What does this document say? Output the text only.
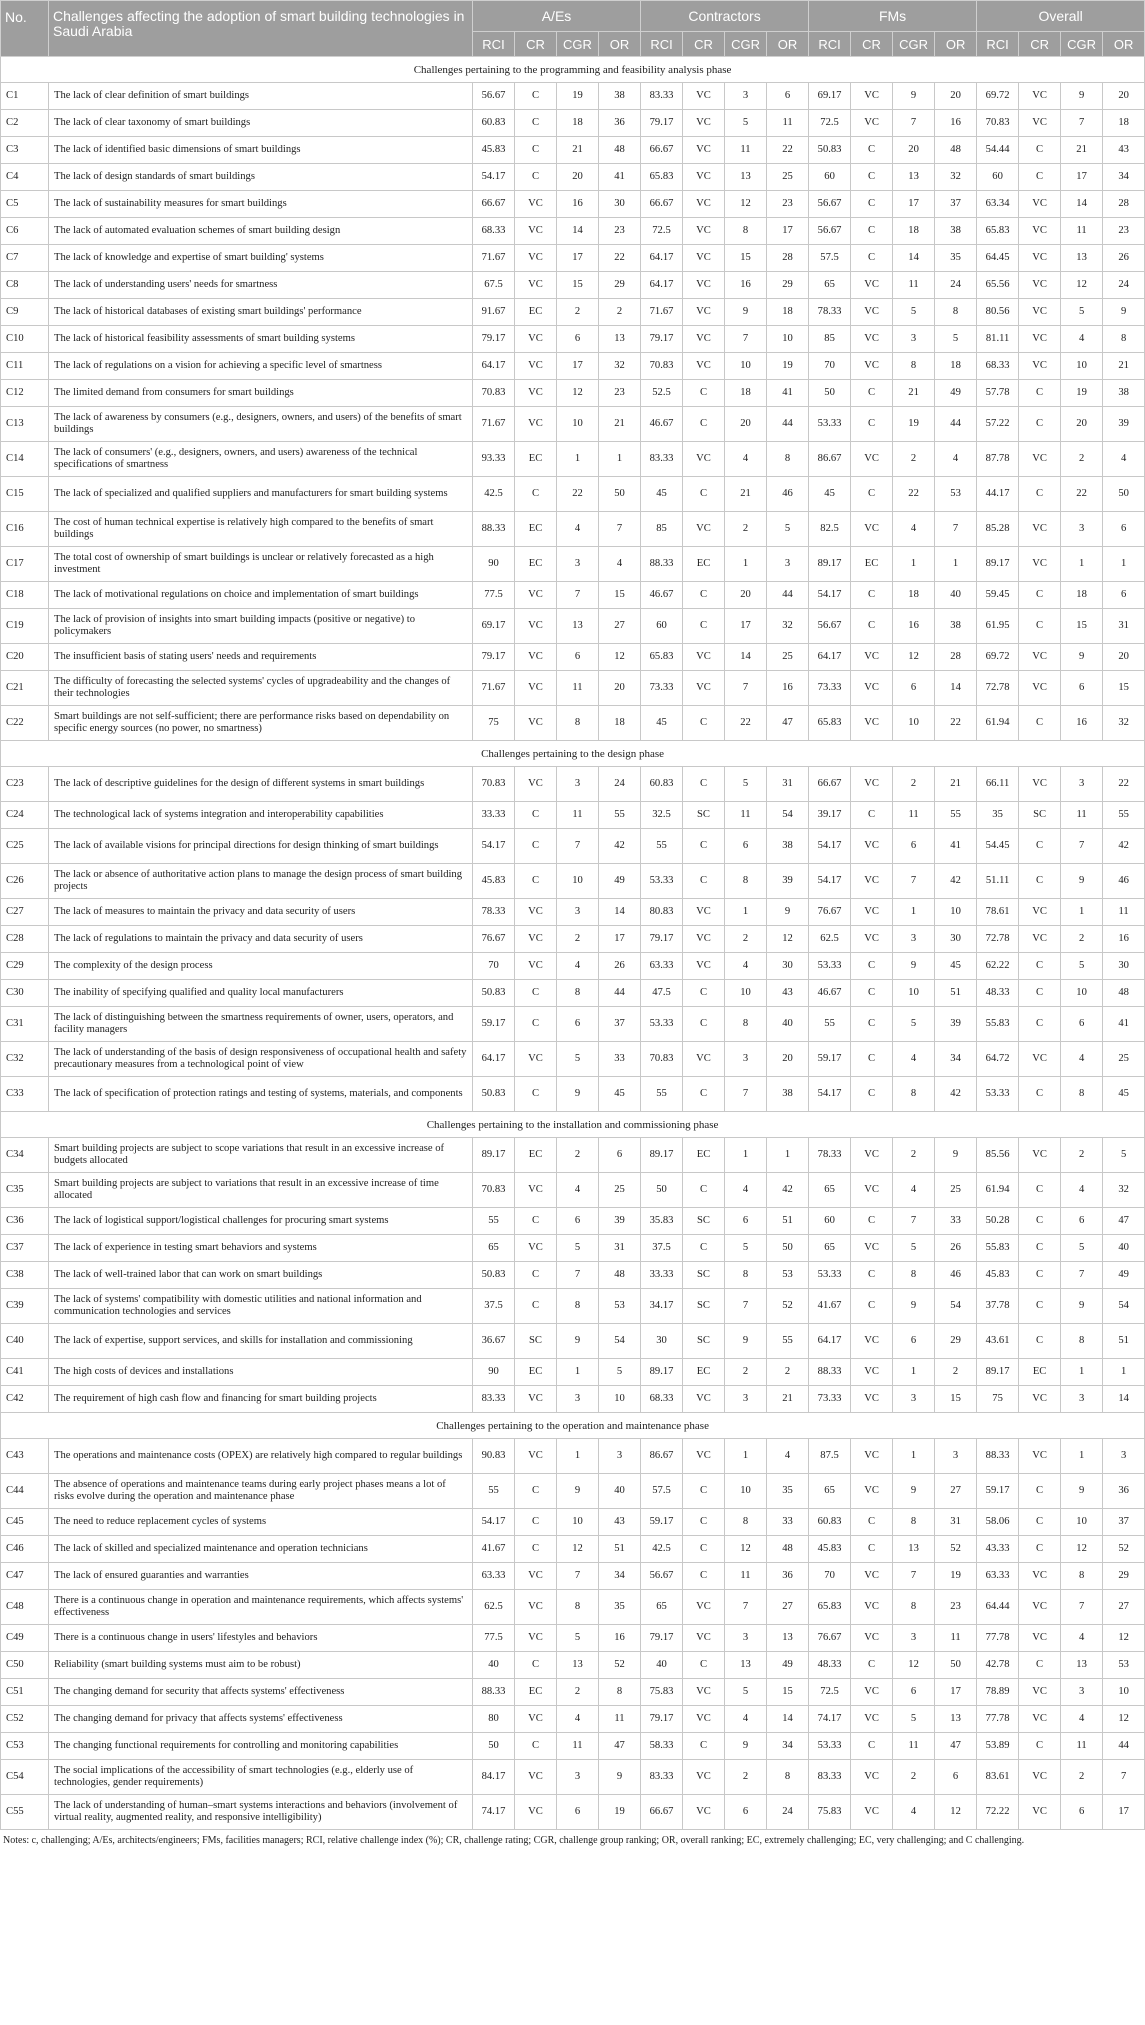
No.	Challenges affecting the adoption of smart building technologies in Saudi Arabia	A/Es				Contractors				FMs				Overall			
		RCI	CR	CGR	OR	RCI	CR	CGR	OR	RCI	CR	CGR	OR	RCI	CR	CGR	OR
Challenges pertaining to the programming and feasibility analysis phase																	
C1	The lack of clear definition of smart buildings	56.67	C	19	38	83.33	VC	3	6	69.17	VC	9	20	69.72	VC	9	20
C2	The lack of clear taxonomy of smart buildings	60.83	C	18	36	79.17	VC	5	11	72.5	VC	7	16	70.83	VC	7	18
C3	The lack of identified basic dimensions of smart buildings	45.83	C	21	48	66.67	VC	11	22	50.83	C	20	48	54.44	C	21	43
C4	The lack of design standards of smart buildings	54.17	C	20	41	65.83	VC	13	25	60	C	13	32	60	C	17	34
C5	The lack of sustainability measures for smart buildings	66.67	VC	16	30	66.67	VC	12	23	56.67	C	17	37	63.34	VC	14	28
C6	The lack of automated evaluation schemes of smart building design	68.33	VC	14	23	72.5	VC	8	17	56.67	C	18	38	65.83	VC	11	23
C7	The lack of knowledge and expertise of smart building' systems	71.67	VC	17	22	64.17	VC	15	28	57.5	C	14	35	64.45	VC	13	26
C8	The lack of understanding users' needs for smartness	67.5	VC	15	29	64.17	VC	16	29	65	VC	11	24	65.56	VC	12	24
C9	The lack of historical databases of existing smart buildings' performance	91.67	EC	2	2	71.67	VC	9	18	78.33	VC	5	8	80.56	VC	5	9
C10	The lack of historical feasibility assessments of smart building systems	79.17	VC	6	13	79.17	VC	7	10	85	VC	3	5	81.11	VC	4	8
C11	The lack of regulations on a vision for achieving a specific level of smartness	64.17	VC	17	32	70.83	VC	10	19	70	VC	8	18	68.33	VC	10	21
C12	The limited demand from consumers for smart buildings	70.83	VC	12	23	52.5	C	18	41	50	C	21	49	57.78	C	19	38
C13	The lack of awareness by consumers (e.g., designers, owners, and users) of the benefits of smart buildings	71.67	VC	10	21	46.67	C	20	44	53.33	C	19	44	57.22	C	20	39
C14	The lack of consumers' (e.g., designers, owners, and users) awareness of the technical specifications of smartness	93.33	EC	1	1	83.33	VC	4	8	86.67	VC	2	4	87.78	VC	2	4
C15	The lack of specialized and qualified suppliers and manufacturers for smart building systems	42.5	C	22	50	45	C	21	46	45	C	22	53	44.17	C	22	50
C16	The cost of human technical expertise is relatively high compared to the benefits of smart buildings	88.33	EC	4	7	85	VC	2	5	82.5	VC	4	7	85.28	VC	3	6
C17	The total cost of ownership of smart buildings is unclear or relatively forecasted as a high investment	90	EC	3	4	88.33	EC	1	3	89.17	EC	1	1	89.17	VC	1	1
C18	The lack of motivational regulations on choice and implementation of smart buildings	77.5	VC	7	15	46.67	C	20	44	54.17	C	18	40	59.45	C	18	6
C19	The lack of provision of insights into smart building impacts (positive or negative) to policymakers	69.17	VC	13	27	60	C	17	32	56.67	C	16	38	61.95	C	15	31
C20	The insufficient basis of stating users' needs and requirements	79.17	VC	6	12	65.83	VC	14	25	64.17	VC	12	28	69.72	VC	9	20
C21	The difficulty of forecasting the selected systems' cycles of upgradeability and the changes of their technologies	71.67	VC	11	20	73.33	VC	7	16	73.33	VC	6	14	72.78	VC	6	15
C22	Smart buildings are not self-sufficient; there are performance risks based on dependability on specific energy sources (no power, no smartness)	75	VC	8	18	45	C	22	47	65.83	VC	10	22	61.94	C	16	32
Challenges pertaining to the design phase																	
C23	The lack of descriptive guidelines for the design of different systems in smart buildings	70.83	VC	3	24	60.83	C	5	31	66.67	VC	2	21	66.11	VC	3	22
C24	The technological lack of systems integration and interoperability capabilities	33.33	C	11	55	32.5	SC	11	54	39.17	C	11	55	35	SC	11	55
C25	The lack of available visions for principal directions for design thinking of smart buildings	54.17	C	7	42	55	C	6	38	54.17	VC	6	41	54.45	C	7	42
C26	The lack or absence of authoritative action plans to manage the design process of smart building projects	45.83	C	10	49	53.33	C	8	39	54.17	VC	7	42	51.11	C	9	46
C27	The lack of measures to maintain the privacy and data security of users	78.33	VC	3	14	80.83	VC	1	9	76.67	VC	1	10	78.61	VC	1	11
C28	The lack of regulations to maintain the privacy and data security of users	76.67	VC	2	17	79.17	VC	2	12	62.5	VC	3	30	72.78	VC	2	16
C29	The complexity of the design process	70	VC	4	26	63.33	VC	4	30	53.33	C	9	45	62.22	C	5	30
C30	The inability of specifying qualified and quality local manufacturers	50.83	C	8	44	47.5	C	10	43	46.67	C	10	51	48.33	C	10	48
C31	The lack of distinguishing between the smartness requirements of owner, users, operators, and facility managers	59.17	C	6	37	53.33	C	8	40	55	C	5	39	55.83	C	6	41
C32	The lack of understanding of the basis of design responsiveness of occupational health and safety precautionary measures from a technological point of view	64.17	VC	5	33	70.83	VC	3	20	59.17	C	4	34	64.72	VC	4	25
C33	The lack of specification of protection ratings and testing of systems, materials, and components	50.83	C	9	45	55	C	7	38	54.17	C	8	42	53.33	C	8	45
Challenges pertaining to the installation and commissioning phase																	
C34	Smart building projects are subject to scope variations that result in an excessive increase of budgets allocated	89.17	EC	2	6	89.17	EC	1	1	78.33	VC	2	9	85.56	VC	2	5
C35	Smart building projects are subject to variations that result in an excessive increase of time allocated	70.83	VC	4	25	50	C	4	42	65	VC	4	25	61.94	C	4	32
C36	The lack of logistical support/logistical challenges for procuring smart systems	55	C	6	39	35.83	SC	6	51	60	C	7	33	50.28	C	6	47
C37	The lack of experience in testing smart behaviors and systems	65	VC	5	31	37.5	C	5	50	65	VC	5	26	55.83	C	5	40
C38	The lack of well-trained labor that can work on smart buildings	50.83	C	7	48	33.33	SC	8	53	53.33	C	8	46	45.83	C	7	49
C39	The lack of systems' compatibility with domestic utilities and national information and communication technologies and services	37.5	C	8	53	34.17	SC	7	52	41.67	C	9	54	37.78	C	9	54
C40	The lack of expertise, support services, and skills for installation and commissioning	36.67	SC	9	54	30	SC	9	55	64.17	VC	6	29	43.61	C	8	51
C41	The high costs of devices and installations	90	EC	1	5	89.17	EC	2	2	88.33	VC	1	2	89.17	EC	1	1
C42	The requirement of high cash flow and financing for smart building projects	83.33	VC	3	10	68.33	VC	3	21	73.33	VC	3	15	75	VC	3	14
Challenges pertaining to the operation and maintenance phase																	
C43	The operations and maintenance costs (OPEX) are relatively high compared to regular buildings	90.83	VC	1	3	86.67	VC	1	4	87.5	VC	1	3	88.33	VC	1	3
C44	The absence of operations and maintenance teams during early project phases means a lot of risks evolve during the operation and maintenance phase	55	C	9	40	57.5	C	10	35	65	VC	9	27	59.17	C	9	36
C45	The need to reduce replacement cycles of systems	54.17	C	10	43	59.17	C	8	33	60.83	C	8	31	58.06	C	10	37
C46	The lack of skilled and specialized maintenance and operation technicians	41.67	C	12	51	42.5	C	12	48	45.83	C	13	52	43.33	C	12	52
C47	The lack of ensured guaranties and warranties	63.33	VC	7	34	56.67	C	11	36	70	VC	7	19	63.33	VC	8	29
C48	There is a continuous change in operation and maintenance requirements, which affects systems' effectiveness	62.5	VC	8	35	65	VC	7	27	65.83	VC	8	23	64.44	VC	7	27
C49	There is a continuous change in users' lifestyles and behaviors	77.5	VC	5	16	79.17	VC	3	13	76.67	VC	3	11	77.78	VC	4	12
C50	Reliability (smart building systems must aim to be robust)	40	C	13	52	40	C	13	49	48.33	C	12	50	42.78	C	13	53
C51	The changing demand for security that affects systems' effectiveness	88.33	EC	2	8	75.83	VC	5	15	72.5	VC	6	17	78.89	VC	3	10
C52	The changing demand for privacy that affects systems' effectiveness	80	VC	4	11	79.17	VC	4	14	74.17	VC	5	13	77.78	VC	4	12
C53	The changing functional requirements for controlling and monitoring capabilities	50	C	11	47	58.33	C	9	34	53.33	C	11	47	53.89	C	11	44
C54	The social implications of the accessibility of smart technologies (e.g., elderly use of technologies, gender requirements)	84.17	VC	3	9	83.33	VC	2	8	83.33	VC	2	6	83.61	VC	2	7
C55	The lack of understanding of human–smart systems interactions and behaviors (involvement of virtual reality, augmented reality, and responsive intelligibility)	74.17	VC	6	19	66.67	VC	6	24	75.83	VC	4	12	72.22	VC	6	17
Notes: c, challenging; A/Es, architects/engineers; FMs, facilities managers; RCI, relative challenge index (%); CR, challenge rating; CGR, challenge group ranking; OR, overall ranking; EC, extremely challenging; EC, very challenging; and C challenging.
